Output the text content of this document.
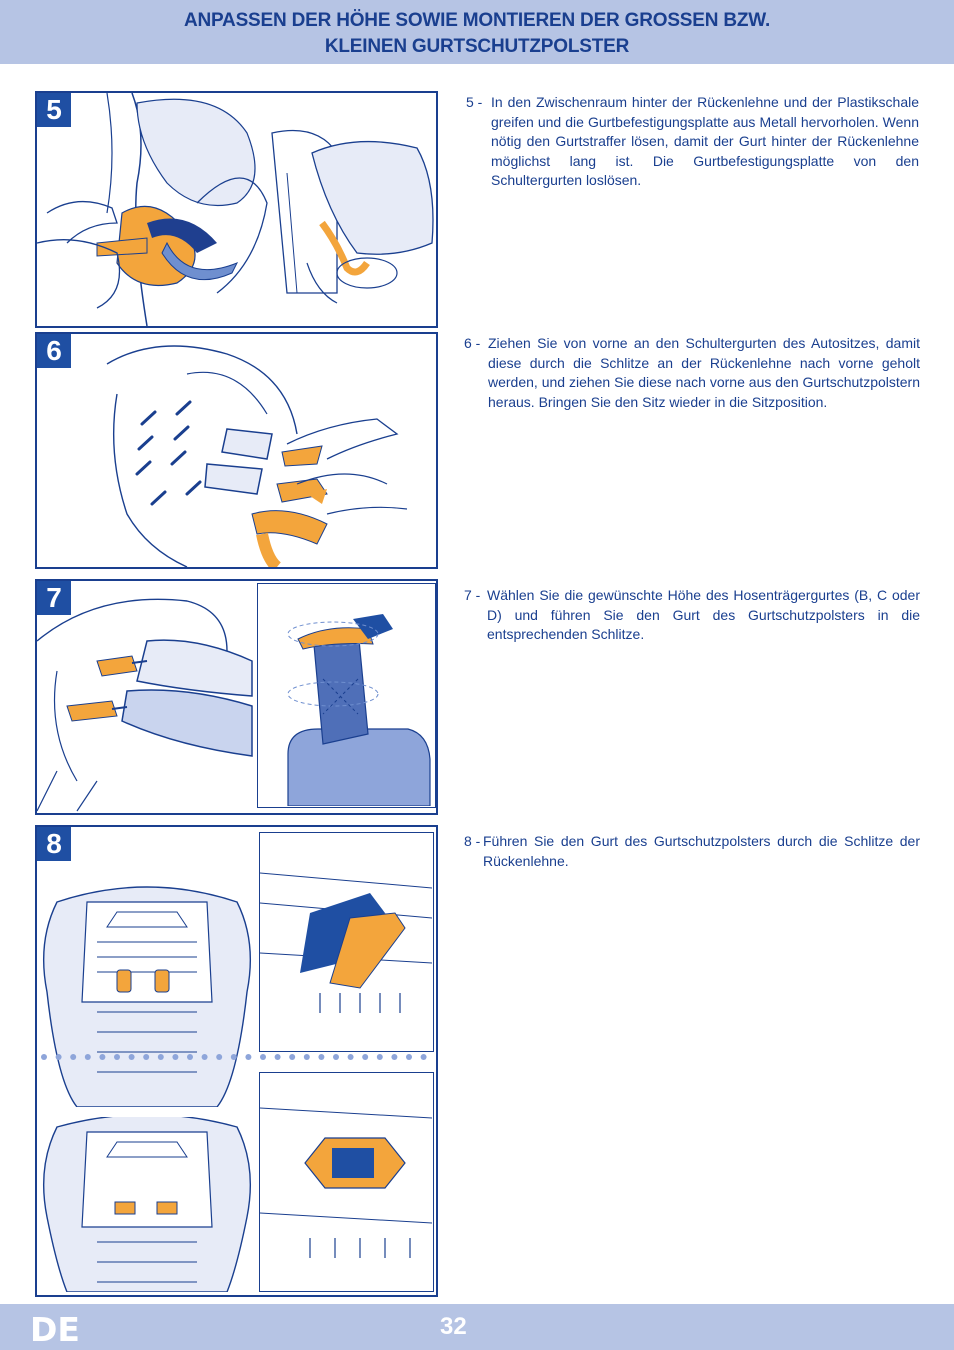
ANPASSEN DER HÖHE SOWIE MONTIEREN DER GROSSEN BZW.
KLEINEN GURTSCHUTZPOLSTER
5	5 - In den Zwischenraum hinter der Rückenlehne und der Plastikschale greifen und die Gurtbefestigungsplatte aus Metall hervorholen. Wenn nötig den Gurtstraffer lösen, damit der Gurt hinter der Rückenlehne möglichst lang ist. Die Gurtbefestigungsplatte von den Schultergurten loslösen.
6	6 - Ziehen Sie von vorne an den Schultergurten des Autositzes, damit diese durch die Schlitze an der Rückenlehne nach vorne geholt werden, und ziehen Sie diese nach vorne aus den Gurtschutzpolstern heraus. Bringen Sie den Sitz wieder in die Sitzposition.
7	7 - Wählen Sie die gewünschte Höhe des Hosenträgergurtes (B, C oder D) und führen Sie den Gurt des Gurtschutzpolsters in die entsprechenden Schlitze.
8	8 - Führen Sie den Gurt des Gurtschutzpolsters durch die Schlitze der Rückenlehne.
DE	32
